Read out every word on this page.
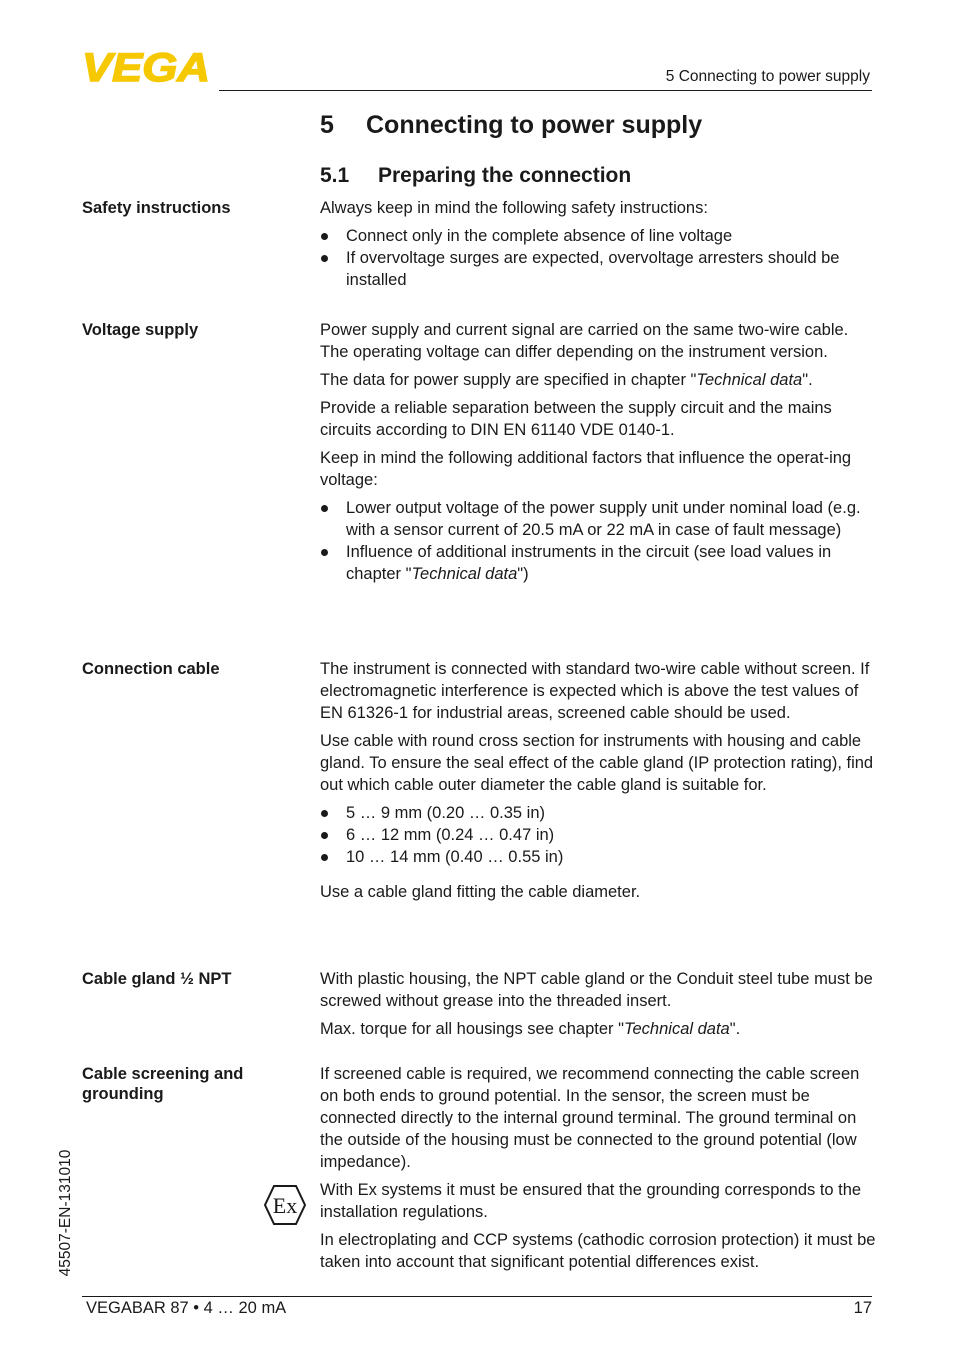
VEGA	5 Connecting to power supply
5 Connecting to power supply
5.1 Preparing the connection
Safety instructions	Always keep in mind the following safety instructions:

Connect only in the complete absence of line voltage
If overvoltage surges are expected, overvoltage arresters should be installed
Voltage supply	Power supply and current signal are carried on the same two-wire cable. The operating voltage can differ depending on the instrument version.

The data for power supply are specified in chapter "Technical data".

Provide a reliable separation between the supply circuit and the mains circuits according to DIN EN 61140 VDE 0140-1.

Keep in mind the following additional factors that influence the operat-ing voltage:

Lower output voltage of the power supply unit under nominal load (e.g. with a sensor current of 20.5 mA or 22 mA in case of fault message)
Influence of additional instruments in the circuit (see load values in chapter "Technical data")
Connection cable	The instrument is connected with standard two-wire cable without screen. If electromagnetic interference is expected which is above the test values of EN 61326-1 for industrial areas, screened cable should be used.

Use cable with round cross section for instruments with housing and cable gland. To ensure the seal effect of the cable gland (IP protection rating), find out which cable outer diameter the cable gland is suitable for.

5 … 9 mm (0.20 … 0.35 in)
6 … 12 mm (0.24 … 0.47 in)
10 … 14 mm (0.40 … 0.55 in)

Use a cable gland fitting the cable diameter.

Cable gland ½ NPT	With plastic housing, the NPT cable gland or the Conduit steel tube must be screwed without grease into the threaded insert.

Max. torque for all housings see chapter "Technical data".

Cable screening and grounding

If screened cable is required, we recommend connecting the cable screen on both ends to ground potential. In the sensor, the screen must be connected directly to the internal ground terminal. The ground terminal on the outside of the housing must be connected to the ground potential (low impedance).

With Ex systems it must be ensured that the grounding corresponds to the installation regulations.

In electroplating and CCP systems (cathodic corrosion protection) it must be taken into account that significant potential differences exist.

Ex
45507-EN-131010
VEGABAR 87 • 4 … 20 mA	17
